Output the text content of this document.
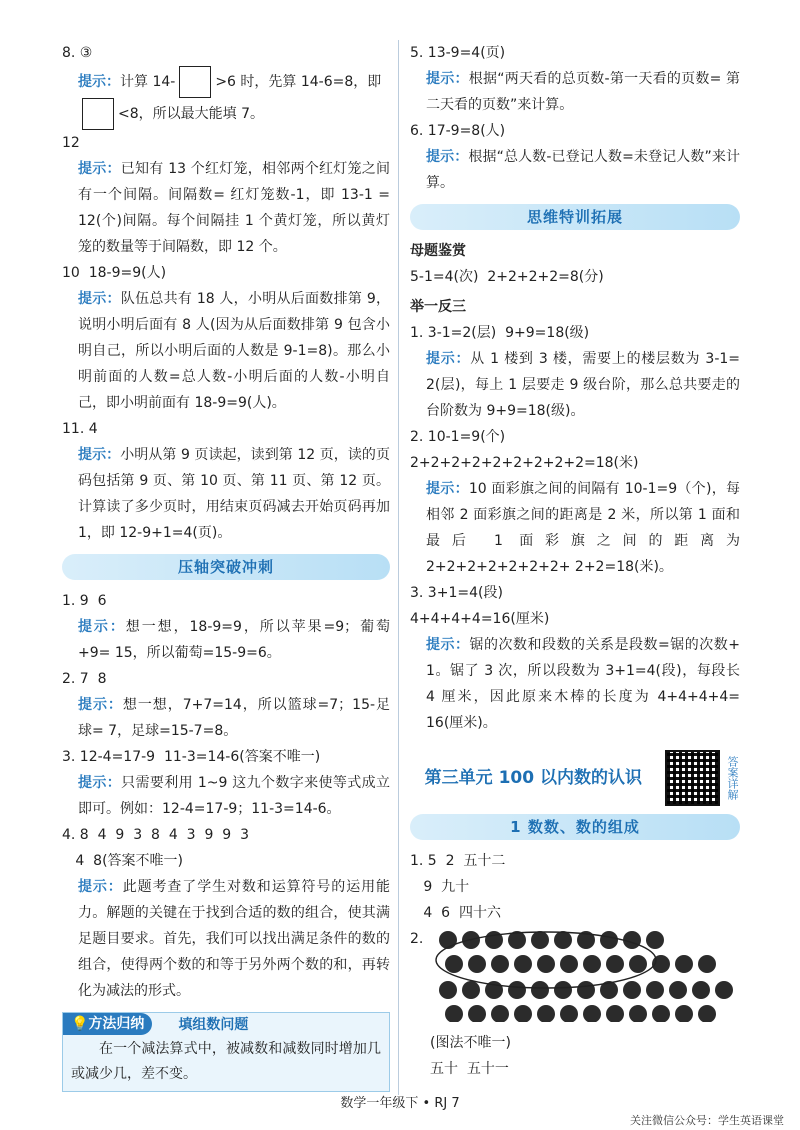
8. ③

提示：计算 14-	>6 时，先算 14-6=8，即
<8，所以最大能填 7。

12

提示：已知有 13 个红灯笼，相邻两个红灯笼之间有一个间隔。间隔数= 红灯笼数-1，即 13-1 = 12(个)间隔。每个间隔挂 1 个黄灯笼，所以黄灯笼的数量等于间隔数，即 12 个。

10  18-9=9(人)

提示：队伍总共有 18 人，小明从后面数排第 9，说明小明后面有 8 人(因为从后面数排第 9 包含小明自己，所以小明后面的人数是 9-1=8)。那么小明前面的人数=总人数-小明后面的人数-小明自己，即小明前面有 18-9=9(人)。

11. 4

提示：小明从第 9 页读起，读到第 12 页，读的页码包括第 9 页、第 10 页、第 11 页、第 12 页。计算读了多少页时，用结束页码减去开始页码再加 1，即 12-9+1=4(页)。

压轴突破冲刺

1. 9  6

提示：想一想，18-9=9，所以苹果=9；葡萄+9= 15，所以葡萄=15-9=6。

2. 7  8

提示：想一想，7+7=14，所以篮球=7；15-足球= 7，足球=15-7=8。

3. 12-4=17-9  11-3=14-6(答案不唯一)

提示：只需要利用 1~9 这九个数字来使等式成立即可。例如：12-4=17-9；11-3=14-6。

4. 8  4  9  3  8  4  3  9  9  3

4  8(答案不唯一)

提示：此题考查了学生对数和运算符号的运用能力。解题的关键在于找到合适的数的组合，使其满足题目要求。首先，我们可以找出满足条件的数的组合，使得两个数的和等于另外两个数的和，再转化为减法的形式。

💡方法归纳	填组数问题
在一个减法算式中，被减数和减数同时增加几或减少几，差不变。

5. 13-9=4(页)

提示：根据“两天看的总页数-第一天看的页数= 第二天看的页数”来计算。

6. 17-9=8(人)

提示：根据“总人数-已登记人数=未登记人数”来计算。

思维特训拓展

母题鉴赏

5-1=4(次)  2+2+2+2=8(分)

举一反三

1. 3-1=2(层)  9+9=18(级)

提示：从 1 楼到 3 楼，需要上的楼层数为 3-1= 2(层)，每上 1 层要走 9 级台阶，那么总共要走的台阶数为 9+9=18(级)。

2. 10-1=9(个)

2+2+2+2+2+2+2+2+2=18(米)

提示：10 面彩旗之间的间隔有 10-1=9（个)，每相邻 2 面彩旗之间的距离是 2 米，所以第 1 面和最后 1 面彩旗之间的距离为 2+2+2+2+2+2+2+ 2+2=18(米)。

3. 3+1=4(段)

4+4+4+4=16(厘米)

提示：锯的次数和段数的关系是段数=锯的次数+ 1。锯了 3 次，所以段数为 3+1=4(段)，每段长 4 厘米，因此原来木棒的长度为 4+4+4+4= 16(厘米)。

第三单元 100 以内数的认识	答案详解
1 数数、数的组成

1. 5  2  五十二

9  九十

4  6  四十六

2.

(图法不唯一)

五十  五十一

数学一年级下 • RJ 7
关注微信公众号：学生英语课堂
